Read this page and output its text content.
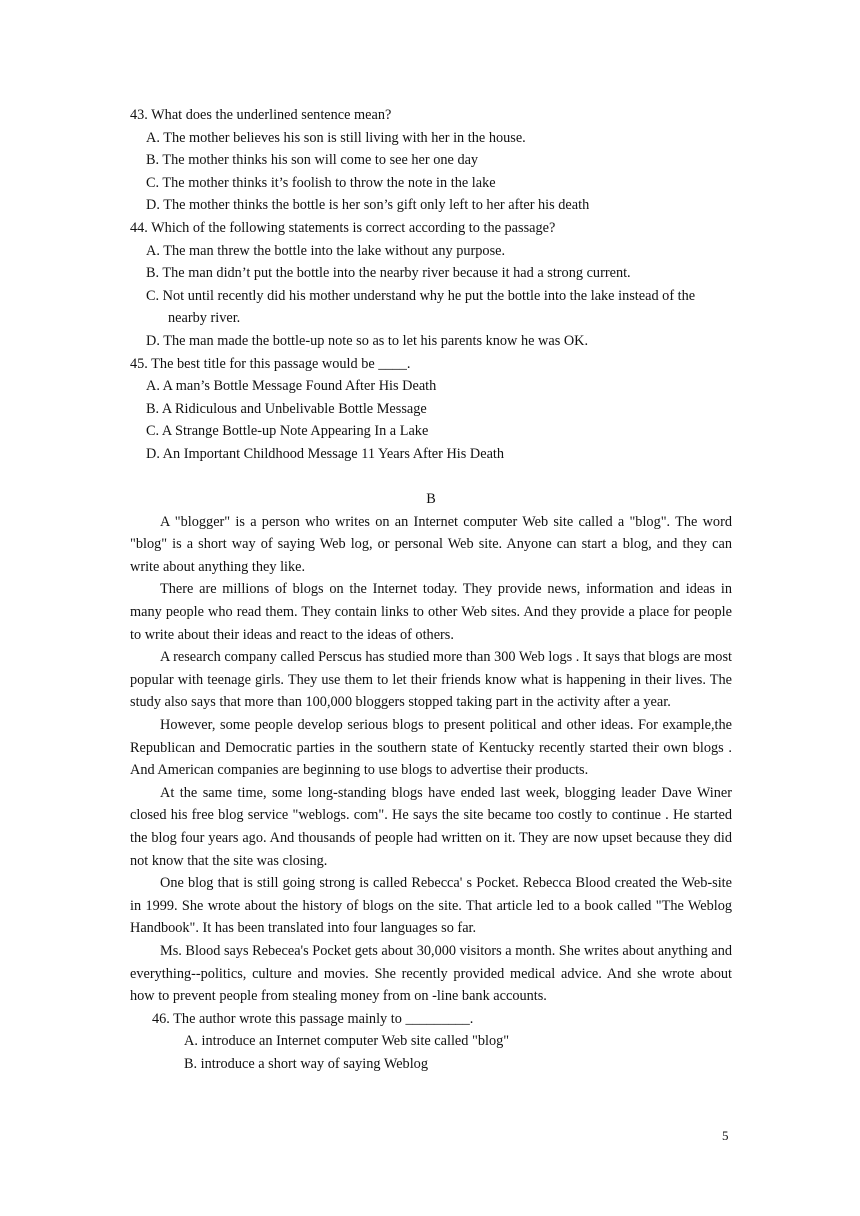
43. What does the underlined sentence mean?
A. The mother believes his son is still living with her in the house.
B. The mother thinks his son will come to see her one day
C. The mother thinks it’s foolish to throw the note in the lake
D. The mother thinks the bottle is her son’s gift only left to her after his death
44. Which of the following statements is correct according to the passage?
A. The man threw the bottle into the lake without any purpose.
B. The man didn’t put the bottle into the nearby river because it had a strong current.
C. Not until recently did his mother understand why he put the bottle into the lake instead of the
nearby river.
D. The man made the bottle-up note so as to let his parents know he was OK.
45. The best title for this passage would be ____.
A. A man’s Bottle Message Found After His Death
B. A Ridiculous and Unbelivable Bottle Message
C. A Strange Bottle-up Note Appearing In a Lake
D. An Important Childhood Message 11 Years After His Death
B

A "blogger" is a person who writes on an Internet computer Web site called a "blog". The word "blog" is a short way of saying Web log, or personal Web site. Anyone can start a blog, and they can write about anything they like.

There are millions of blogs on the Internet today. They provide news, information and ideas in many people who read them. They contain links to other Web sites. And they provide a place for people to write about their ideas and react to the ideas of others.

A research company called Perscus has studied more than 300 Web logs . It says that blogs are most popular with teenage girls. They use them to let their friends know what is happening in their lives. The study also says that more than 100,000 bloggers stopped taking part in the activity after a year.

However, some people develop serious blogs to present political and other ideas. For example,the Republican and Democratic parties in the southern state of Kentucky recently started their own blogs . And American companies are beginning to use blogs to advertise their products.

At the same time, some long-standing blogs have ended last week, blogging leader Dave Winer closed his free blog service "weblogs. com". He says the site became too costly to continue . He started the blog four years ago. And thousands of people had written on it. They are now upset because they did not know that the site was closing.

One blog that is still going strong is called Rebecca' s Pocket. Rebecca Blood created the Web-site in 1999. She wrote about the history of blogs on the site. That article led to a book called "The Weblog Handbook". It has been translated into four languages so far.

Ms. Blood says Rebecea's Pocket gets about 30,000 visitors a month. She writes about anything and everything--politics, culture and movies. She recently provided medical advice. And she wrote about how to prevent people from stealing money from on -line bank accounts.

46. The author wrote this passage mainly to _________.
A. introduce an Internet computer Web site called "blog"
B. introduce a short way of saying Weblog
5
